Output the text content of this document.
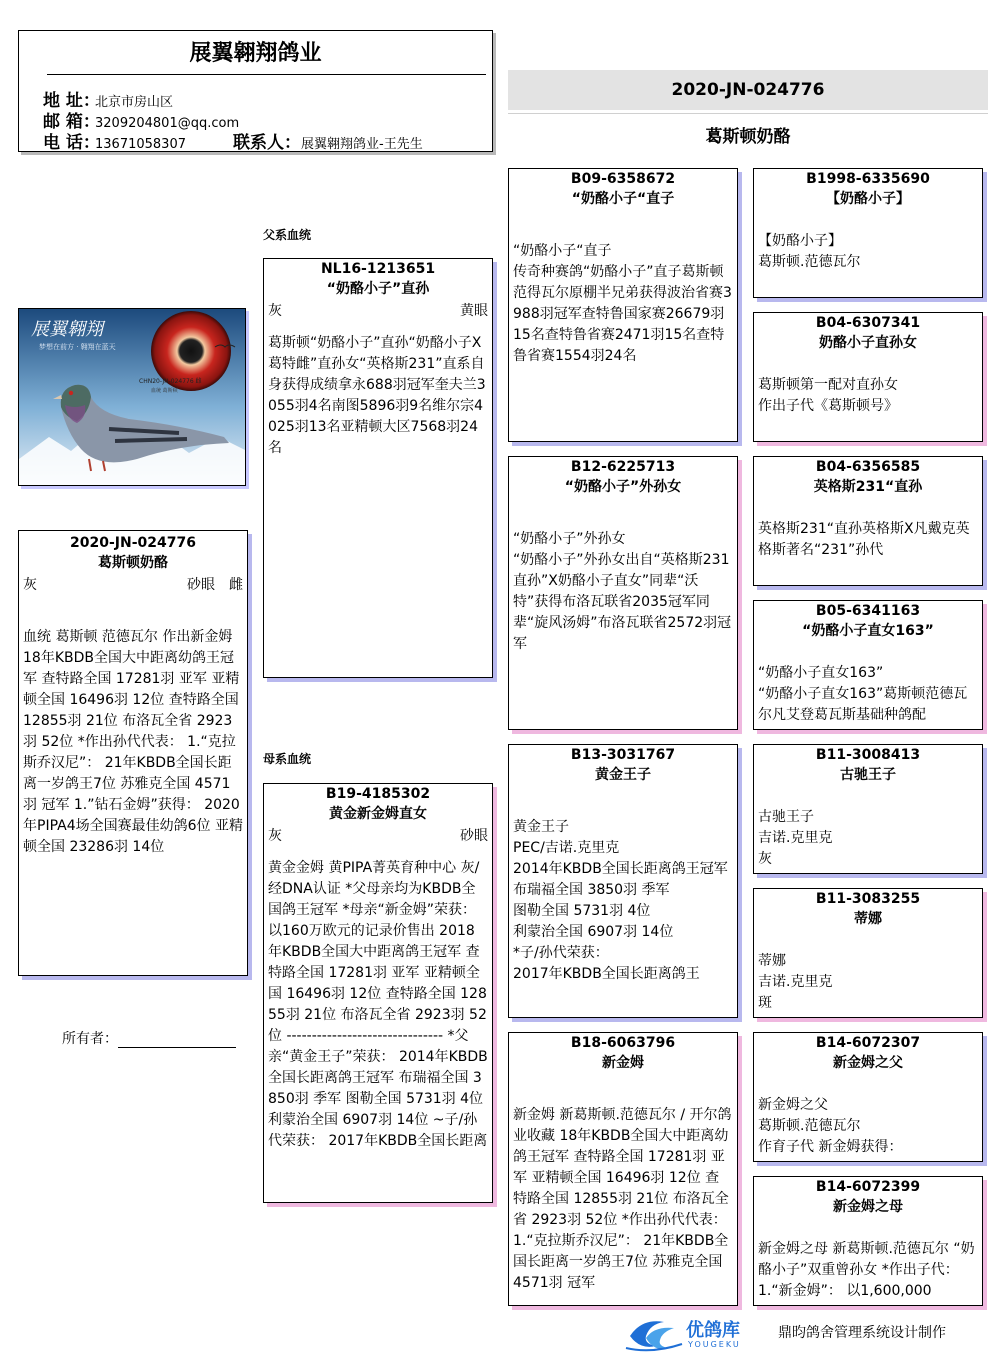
展翼翱翔鸽业
地 址：北京市房山区
邮 箱：3209204801@qq.com
电 话：13671058307	联系人：展翼翱翔鸽业-王先生
2020-JN-024776
葛斯顿奶酪
父系血统
母系血统
展翼翱翔
梦想在前方 · 翱翔在蓝天
CHN20-JN-024776 雌
血统 葛斯顿
2020-JN-024776
葛斯顿奶酪
灰	砂眼 雌
血统 葛斯顿 范德瓦尔 作出新金姆
18年KBDB全国大中距离幼鸽王冠军 查特路全国 17281羽 亚军 亚精顿全国 16496羽 12位 查特路全国 12855羽 21位 布洛瓦全省 2923羽 52位 *作出孙代代表： 1.“克拉斯乔汉尼”： 21年KBDB全国长距离一岁鸽王7位 苏雅克全国 4571羽 冠军 1.”钻石金姆”获得： 2020年PIPA4场全国赛最佳幼鸽6位 亚精顿全国 23286羽 14位
所有者：
NL16-1213651
“奶酪小子”直孙
灰	黄眼
葛斯顿“奶酪小子”直孙“奶酪小子X葛特雌”直孙女“英格斯231”直系自身获得成绩拿永688羽冠军奎夫兰3055羽4名南图5896羽9名维尔宗4025羽13名亚精顿大区7568羽24名
B19-4185302
黄金新金姆直女
灰	砂眼
黄金金姆 黄PIPA菁英育种中心 灰/经DNA认证 *父母亲均为KBDB全国鸽王冠军 *母亲“新金姆”荣获： 以160万欧元的记录价售出 2018年KBDB全国大中距离鸽王冠军 查特路全国 17281羽 亚军 亚精顿全国 16496羽 12位 查特路全国 12855羽 21位 布洛瓦全省 2923羽 52位 ------------------------------- *父亲“黄金王子”荣获： 2014年KBDB全国长距离鸽王冠军 布瑞福全国 3850羽 季军 图勒全国 5731羽 4位 利蒙治全国 6907羽 14位 ~子/孙代荣获： 2017年KBDB全国长距离
B09-6358672
“奶酪小子“直子
“奶酪小子“直子
传奇种赛鸽“奶酪小子”直子葛斯顿范得瓦尔原棚半兄弟获得波治省赛3988羽冠军查特鲁国家赛26679羽15名查特鲁省赛2471羽15名查特鲁省赛1554羽24名
B12-6225713
“奶酪小子”外孙女
“奶酪小子”外孙女
“奶酪小子”外孙女出自“英格斯231直孙”X奶酪小子直女”同辈“沃特”获得布洛瓦联省2035冠军同辈“旋风汤姆”布洛瓦联省2572羽冠军
B13-3031767
黄金王子
黄金王子
PEC/吉诺.克里克
2014年KBDB全国长距离鸽王冠军
布瑞福全国 3850羽 季军
图勒全国 5731羽 4位
利蒙治全国 6907羽 14位
*子/孙代荣获：
2017年KBDB全国长距离鸽王
B18-6063796
新金姆
新金姆 新葛斯顿.范德瓦尔 / 开尔鸽业收藏 18年KBDB全国大中距离幼鸽王冠军 查特路全国 17281羽 亚军 亚精顿全国 16496羽 12位 查特路全国 12855羽 21位 布洛瓦全省 2923羽 52位 *作出孙代代表： 1.“克拉斯乔汉尼”： 21年KBDB全国长距离一岁鸽王7位 苏雅克全国 4571羽 冠军
B1998-6335690
【奶酪小子】
【奶酪小子】
葛斯顿.范德瓦尔
B04-6307341
奶酪小子直孙女
葛斯顿第一配对直孙女
作出子代《葛斯顿号》
B04-6356585
英格斯231“直孙
英格斯231“直孙英格斯X凡戴克英格斯著名“231”孙代
B05-6341163
“奶酪小子直女163”
“奶酪小子直女163”
“奶酪小子直女163”葛斯顿范德瓦尔凡艾登葛瓦斯基础种鸽配
B11-3008413
古驰王子
古驰王子
吉诺.克里克
灰
B11-3083255
蒂娜
蒂娜
吉诺.克里克
斑
B14-6072307
新金姆之父
新金姆之父
葛斯顿.范德瓦尔
作育子代 新金姆获得：
B14-6072399
新金姆之母
新金姆之母 新葛斯顿.范德瓦尔 “奶酪小子”双重曾孙女 *作出子代： 1.“新金姆”： 以1,600,000
优鸽库
YOUGEKU
鼎昀鸽舍管理系统设计制作
